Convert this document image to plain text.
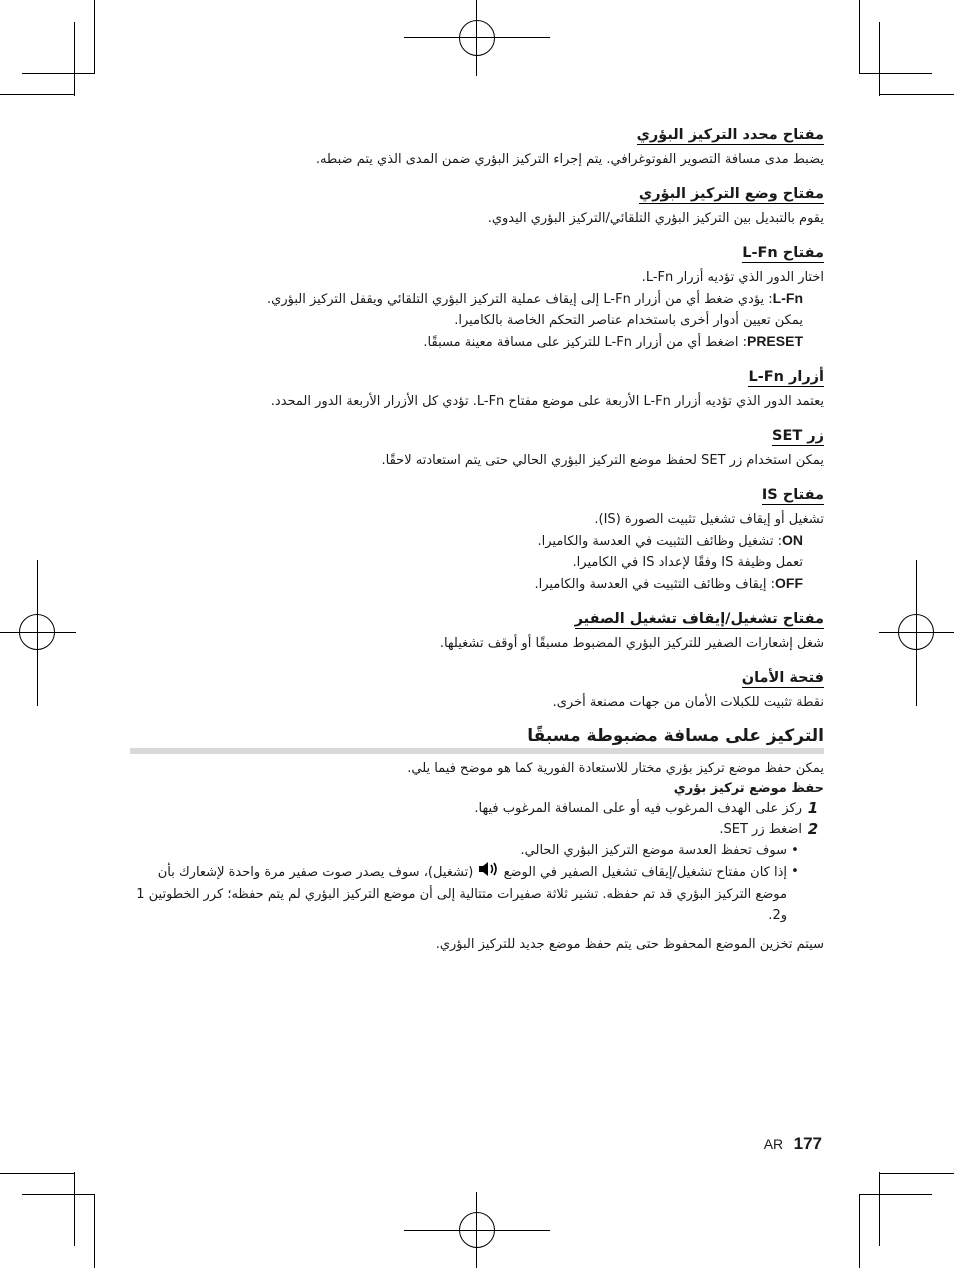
مفتاح محدد التركيز البؤري

يضبط مدى مسافة التصوير الفوتوغرافي. يتم إجراء التركيز البؤري ضمن المدى الذي يتم ضبطه.

مفتاح وضع التركيز البؤري

يقوم بالتبديل بين التركيز البؤري التلقائي/التركيز البؤري اليدوي.

مفتاح L-Fn

اختار الدور الذي تؤديه أزرار L-Fn.

L-Fn: يؤدي ضغط أي من أزرار L-Fn إلى إيقاف عملية التركيز البؤري التلقائي ويقفل التركيز البؤري.
يمكن تعيين أدوار أخرى باستخدام عناصر التحكم الخاصة بالكاميرا.
PRESET: اضغط أي من أزرار L-Fn للتركيز على مسافة معينة مسبقًا.
أزرار L-Fn

يعتمد الدور الذي تؤديه أزرار L-Fn الأربعة على موضع مفتاح L-Fn. تؤدي كل الأزرار الأربعة الدور المحدد.

زر SET

يمكن استخدام زر SET لحفظ موضع التركيز البؤري الحالي حتى يتم استعادته لاحقًا.

مفتاح IS

تشغيل أو إيقاف تشغيل تثبيت الصورة (IS).

ON: تشغيل وظائف التثبيت في العدسة والكاميرا.
تعمل وظيفة IS وفقًا لإعداد IS في الكاميرا.
OFF: إيقاف وظائف التثبيت في العدسة والكاميرا.
مفتاح تشغيل/إيقاف تشغيل الصفير

شغل إشعارات الصفير للتركيز البؤري المضبوط مسبقًا أو أوقف تشغيلها.

فتحة الأمان

نقطة تثبيت للكبلات الأمان من جهات مصنعة أخرى.

التركيز على مسافة مضبوطة مسبقًا

يمكن حفظ موضع تركيز بؤري مختار للاستعادة الفورية كما هو موضح فيما يلي.

حفظ موضع تركيز بؤري
1
ركز على الهدف المرغوب فيه أو على المسافة المرغوب فيها.
2
اضغط زر SET.
•
سوف تحفظ العدسة موضع التركيز البؤري الحالي.
•
إذا كان مفتاح تشغيل/إيقاف تشغيل الصفير في الوضع  (تشغيل)، سوف يصدر صوت صفير مرة واحدة لإشعارك بأن موضع التركيز البؤري قد تم حفظه. تشير ثلاثة صفيرات متتالية إلى أن موضع التركيز البؤري لم يتم حفظه؛ كرر الخطوتين 1 و2.

سيتم تخزين الموضع المحفوظ حتى يتم حفظ موضع جديد للتركيز البؤري.

AR 177
